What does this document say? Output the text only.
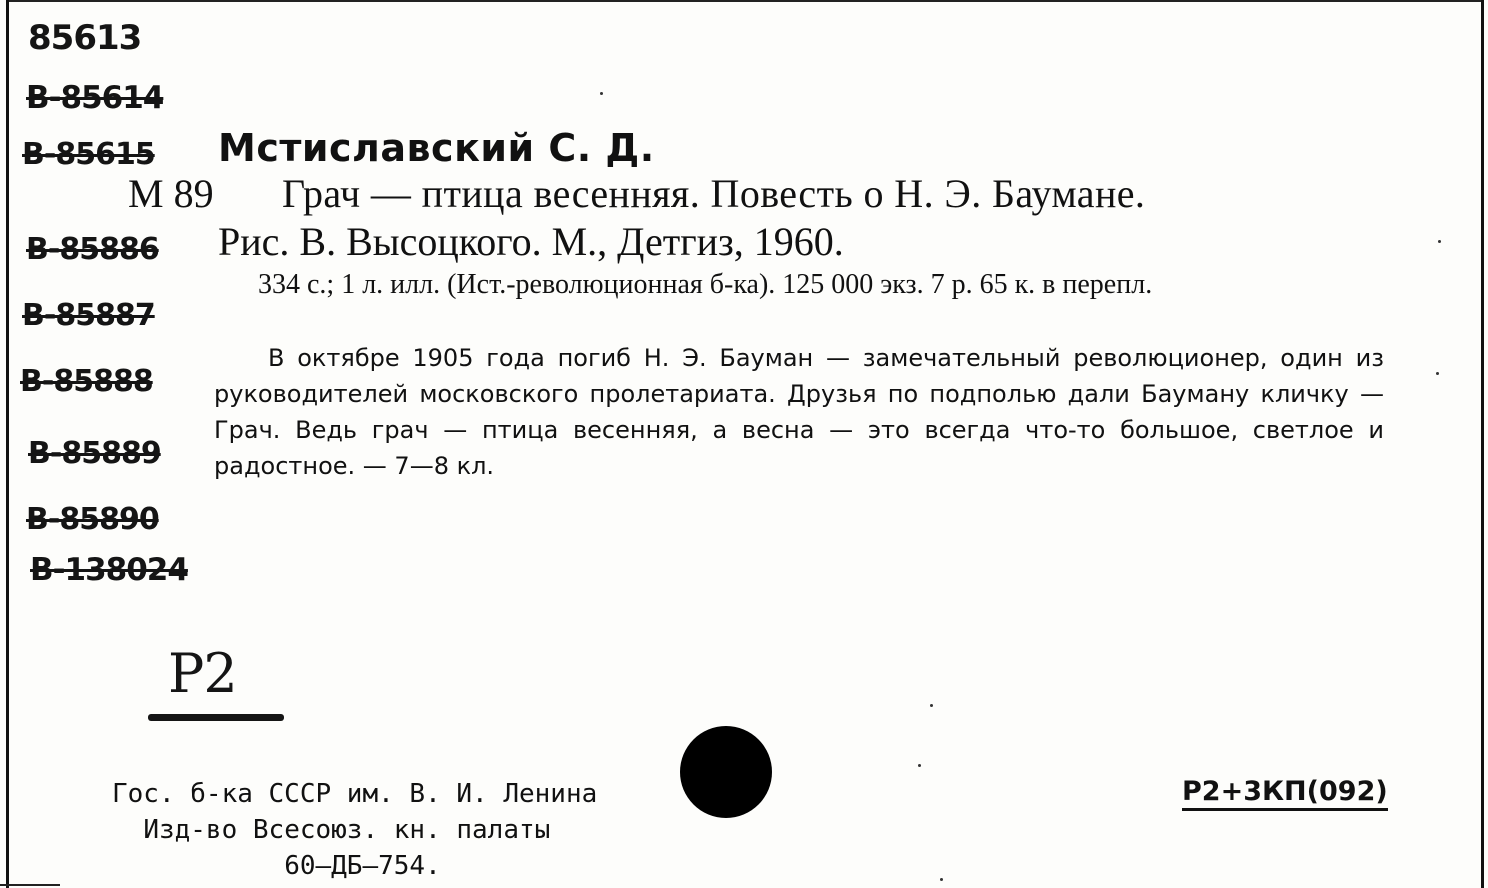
85613
В-85614
В-85615
В-85886
В-85887
В-85888
В-85889
В-85890
В-138024
Мстиславский С. Д.
М 89 Грач — птица весенняя. Повесть о Н. Э. Баумане.
Рис. В. Высоцкого. М., Детгиз, 1960.
334 с.; 1 л. илл. (Ист.-революционная б-ка). 125 000 экз. 7 р. 65 к. в перепл.
В октябре 1905 года погиб Н. Э. Бауман — замечательный революционер, один из руководителей московского пролетариата. Друзья по подполью дали Бауману кличку — Грач. Ведь грач — птица весенняя, а весна — это всегда что-то большое, светлое и радостное. — 7—8 кл.
Р2
Гос. б-ка СССР им. В. И. Ленина
Изд-во Всесоюз. кн. палаты
60—ДБ—754.
Р2+3КП(092)
